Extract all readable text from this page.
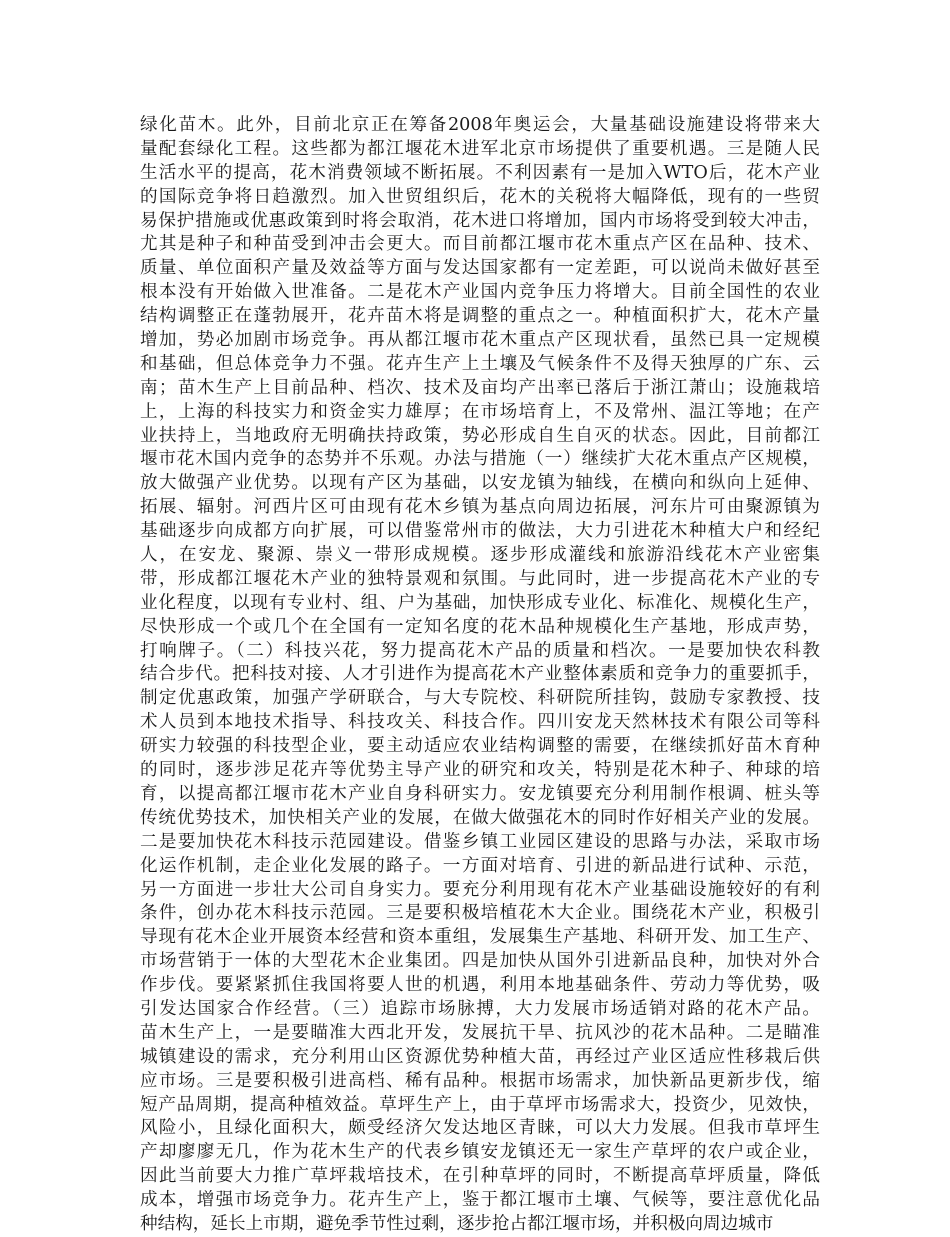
绿化苗木。此外，目前北京正在筹备2008年奥运会，大量基础设施建设将带来大
量配套绿化工程。这些都为都江堰花木进军北京市场提供了重要机遇。三是随人民
生活水平的提高，花木消费领域不断拓展。不利因素有一是加入WTO后，花木产业
的国际竞争将日趋激烈。加入世贸组织后，花木的关税将大幅降低，现有的一些贸
易保护措施或优惠政策到时将会取消，花木进口将增加，国内市场将受到较大冲击，
尤其是种子和种苗受到冲击会更大。而目前都江堰市花木重点产区在品种、技术、
质量、单位面积产量及效益等方面与发达国家都有一定差距，可以说尚未做好甚至
根本没有开始做入世准备。二是花木产业国内竞争压力将增大。目前全国性的农业
结构调整正在蓬勃展开，花卉苗木将是调整的重点之一。种植面积扩大，花木产量
增加，势必加剧市场竞争。再从都江堰市花木重点产区现状看，虽然已具一定规模
和基础，但总体竞争力不强。花卉生产上土壤及气候条件不及得天独厚的广东、云
南；苗木生产上目前品种、档次、技术及亩均产出率已落后于浙江萧山；设施栽培
上，上海的科技实力和资金实力雄厚；在市场培育上，不及常州、温江等地；在产
业扶持上，当地政府无明确扶持政策，势必形成自生自灭的状态。因此，目前都江
堰市花木国内竞争的态势并不乐观。办法与措施（一）继续扩大花木重点产区规模，
放大做强产业优势。以现有产区为基础，以安龙镇为轴线，在横向和纵向上延伸、
拓展、辐射。河西片区可由现有花木乡镇为基点向周边拓展，河东片可由聚源镇为
基础逐步向成都方向扩展，可以借鉴常州市的做法，大力引进花木种植大户和经纪
人，在安龙、聚源、崇义一带形成规模。逐步形成灌线和旅游沿线花木产业密集
带，形成都江堰花木产业的独特景观和氛围。与此同时，进一步提高花木产业的专
业化程度，以现有专业村、组、户为基础，加快形成专业化、标准化、规模化生产，
尽快形成一个或几个在全国有一定知名度的花木品种规模化生产基地，形成声势，
打响牌子。（二）科技兴花，努力提高花木产品的质量和档次。一是要加快农科教
结合步代。把科技对接、人才引进作为提高花木产业整体素质和竞争力的重要抓手，
制定优惠政策，加强产学研联合，与大专院校、科研院所挂钩，鼓励专家教授、技
术人员到本地技术指导、科技攻关、科技合作。四川安龙天然林技术有限公司等科
研实力较强的科技型企业，要主动适应农业结构调整的需要，在继续抓好苗木育种
的同时，逐步涉足花卉等优势主导产业的研究和攻关，特别是花木种子、种球的培
育，以提高都江堰市花木产业自身科研实力。安龙镇要充分利用制作根调、桩头等
传统优势技术，加快相关产业的发展，在做大做强花木的同时作好相关产业的发展。
二是要加快花木科技示范园建设。借鉴乡镇工业园区建设的思路与办法，采取市场
化运作机制，走企业化发展的路子。一方面对培育、引进的新品进行试种、示范，
另一方面进一步壮大公司自身实力。要充分利用现有花木产业基础设施较好的有利
条件，创办花木科技示范园。三是要积极培植花木大企业。围绕花木产业，积极引
导现有花木企业开展资本经营和资本重组，发展集生产基地、科研开发、加工生产、
市场营销于一体的大型花木企业集团。四是加快从国外引进新品良种，加快对外合
作步伐。要紧紧抓住我国将要人世的机遇，利用本地基础条件、劳动力等优势，吸
引发达国家合作经营。（三）追踪市场脉搏，大力发展市场适销对路的花木产品。
苗木生产上，一是要瞄准大西北开发，发展抗干旱、抗风沙的花木品种。二是瞄准
城镇建设的需求，充分利用山区资源优势种植大苗，再经过产业区适应性移栽后供
应市场。三是要积极引进高档、稀有品种。根据市场需求，加快新品更新步伐，缩
短产品周期，提高种植效益。草坪生产上，由于草坪市场需求大，投资少，见效快，
风险小，且绿化面积大，颇受经济欠发达地区青睐，可以大力发展。但我市草坪生
产却廖廖无几，作为花木生产的代表乡镇安龙镇还无一家生产草坪的农户或企业，
因此当前要大力推广草坪栽培技术，在引种草坪的同时，不断提高草坪质量，降低
成本，增强市场竞争力。花卉生产上，鉴于都江堰市土壤、气候等，要注意优化品
种结构，延长上市期，避免季节性过剩，逐步抢占都江堰市场，并积极向周边城市
